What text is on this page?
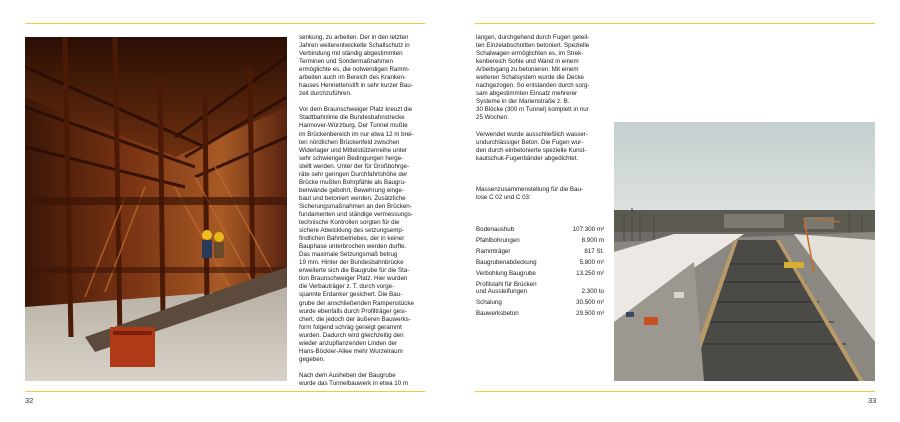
senkung, zu arbeiten. Der in den letzten
Jahren weiterentwickelte Schallschutz in
Verbindung mit ständig abgestimmten
Terminen und Sondermaßnahmen
ermöglichte es, die notwendigen Ramm-
arbeiten auch im Bereich des Kranken-
hauses Henriettenstift in sehr kurzer Bau-
zeit durchzuführen.

Vor dem Braunschweiger Platz kreuzt die
Stadtbahnlinie die Bundesbahnstrecke
Hannover-Würzburg. Der Tunnel mußte
im Brückenbereich im nur etwa 12 m brei-
ten nördlichen Brückenfeld zwischen
Widerlager und Mittelstützenreihe unter
sehr schwierigen Bedingungen herge-
stellt werden. Unter der für Großbohrge-
räte sehr geringen Durchfahrtshöhe der
Brücke mußten Bohrpfähle als Baugru-
benwände gebohrt, Bewehrung einge-
baut und betoniert werden. Zusätzliche
Sicherungsmaßnahmen an den Brücken-
fundamenten und ständige vermessungs-
technische Kontrollen sorgten für die
sichere Abwicklung des setzungsemp-
findlichen Bahnbetriebes, der in keiner
Bauphase unterbrochen werden durfte.
Das maximale Setzungsmaß betrug
19 mm. Hinter der Bundesbahnbrücke
erweiterte sich die Baugrube für die Sta-
tion Braunschweiger Platz. Hier wurden
die Verbauträger z. T. durch vorge-
spannte Erdanker gesichert. Die Bau-
grube der anschließenden Rampenstücke
wurde ebenfalls durch Profilträger gesi-
chert, die jedoch der äußeren Bauwerks-
form folgend schräg geneigt gerammt
wurden. Dadurch wird gleichzeitig den
wieder anzupflanzenden Linden der
Hans-Böckler-Allee mehr Wurzelraum
gegeben.

Nach dem Ausheben der Baugrube
wurde das Tunnelbauwerk in etwa 10 m

32

langen, durchgehend durch Fugen geteil-
ten Einzelabschnitten betoniert. Spezielle
Schalwagen ermöglichten es, im Strek-
kenbereich Sohle und Wand in einem
Arbeitsgang zu betonieren. Mit einem
weiteren Schalsystem wurde die Decke
nachgezogen. So entstanden durch sorg-
sam abgestimmten Einsatz mehrerer
Systeme in der Marienstraße z. B.
30 Blöcke (300 m Tunnel) komplett in nur
25 Wochen.

Verwendet wurde ausschließlich wasser-
undurchlässiger Beton. Die Fugen wur-
den durch einbetonierte spezielle Kunst-
kautschuk-Fugenbänder abgedichtet.

Massenzusammenstellung für die Bau-
lose C 02 und C 03:

Bodenaushub	107.300 m³
Pfahlbohrungen	8.900 m
Rammträger	817 St.
Baugrubenabdeckung	5.800 m²
Verbohlung Baugrube	13.250 m²
Profilstahl für Brücken
und Aussteifungen	2.300 to
Schalung	30.500 m²
Bauwerksbeton	29.500 m³
33
